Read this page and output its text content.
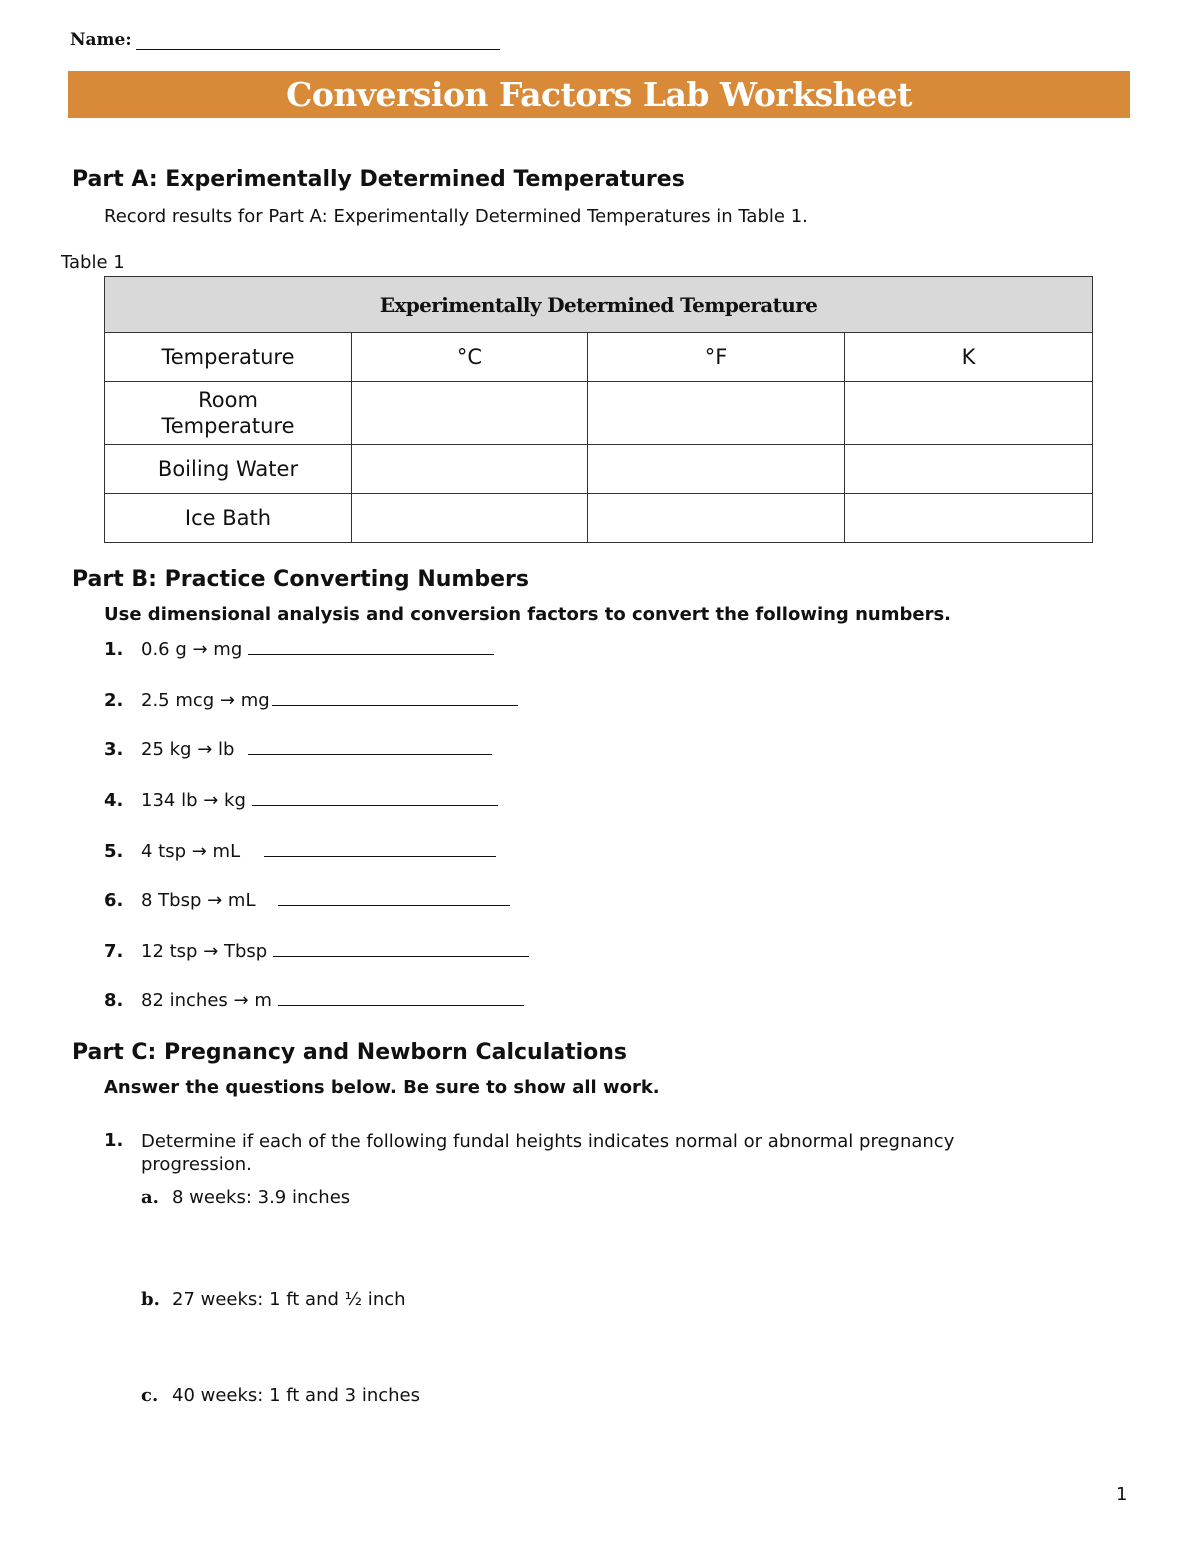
Name:
Conversion Factors Lab Worksheet
Part A: Experimentally Determined Temperatures
Record results for Part A: Experimentally Determined Temperatures in Table 1.
Table 1
Experimentally Determined Temperature			
Temperature	°C	°F	K
Room Temperature			
Boiling Water			
Ice Bath			
Part B: Practice Converting Numbers
Use dimensional analysis and conversion factors to convert the following numbers.
1. 0.6 g → mg
2. 2.5 mcg → mg
3. 25 kg → lb
4. 134 lb → kg
5. 4 tsp → mL
6. 8 Tbsp → mL
7. 12 tsp → Tbsp
8. 82 inches → m
Part C: Pregnancy and Newborn Calculations
Answer the questions below. Be sure to show all work.
1. Determine if each of the following fundal heights indicates normal or abnormal pregnancy progression.
a. 8 weeks: 3.9 inches
b. 27 weeks: 1 ft and ½ inch
c. 40 weeks: 1 ft and 3 inches
1
